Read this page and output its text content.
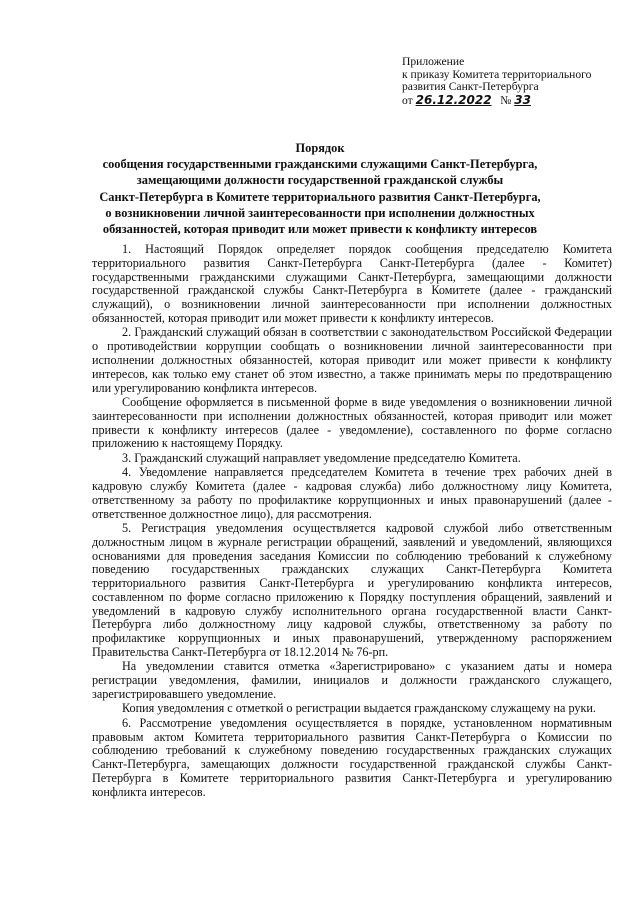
Приложение
к приказу Комитета территориального
развития Санкт-Петербурга
от 26.12.2022 № 33
Порядок
сообщения государственными гражданскими служащими Санкт-Петербурга,
замещающими должности государственной гражданской службы
Санкт-Петербурга в Комитете территориального развития Санкт-Петербурга,
о возникновении личной заинтересованности при исполнении должностных
обязанностей, которая приводит или может привести к конфликту интересов

1. Настоящий Порядок определяет порядок сообщения председателю Комитета территориального развития Санкт-Петербурга Санкт-Петербурга (далее - Комитет) государственными гражданскими служащими Санкт-Петербурга, замещающими должности государственной гражданской службы Санкт-Петербурга в Комитете (далее - гражданский служащий), о возникновении личной заинтересованности при исполнении должностных обязанностей, которая приводит или может привести к конфликту интересов.

2. Гражданский служащий обязан в соответствии с законодательством Российской Федерации о противодействии коррупции сообщать о возникновении личной заинтересованности при исполнении должностных обязанностей, которая приводит или может привести к конфликту интересов, как только ему станет об этом известно, а также принимать меры по предотвращению или урегулированию конфликта интересов.

Сообщение оформляется в письменной форме в виде уведомления о возникновении личной заинтересованности при исполнении должностных обязанностей, которая приводит или может привести к конфликту интересов (далее - уведомление), составленного по форме согласно приложению к настоящему Порядку.

3. Гражданский служащий направляет уведомление председателю Комитета.

4. Уведомление направляется председателем Комитета в течение трех рабочих дней в кадровую службу Комитета (далее - кадровая служба) либо должностному лицу Комитета, ответственному за работу по профилактике коррупционных и иных правонарушений (далее - ответственное должностное лицо), для рассмотрения.

5. Регистрация уведомления осуществляется кадровой службой либо ответственным должностным лицом в журнале регистрации обращений, заявлений и уведомлений, являющихся основаниями для проведения заседания Комиссии по соблюдению требований к служебному поведению государственных гражданских служащих Санкт-Петербурга Комитета территориального развития Санкт-Петербурга и урегулированию конфликта интересов, составленном по форме согласно приложению к Порядку поступления обращений, заявлений и уведомлений в кадровую службу исполнительного органа государственной власти Санкт-Петербурга либо должностному лицу кадровой службы, ответственному за работу по профилактике коррупционных и иных правонарушений, утвержденному распоряжением Правительства Санкт-Петербурга от 18.12.2014 № 76-рп.

На уведомлении ставится отметка «Зарегистрировано» с указанием даты и номера регистрации уведомления, фамилии, инициалов и должности гражданского служащего, зарегистрировавшего уведомление.

Копия уведомления с отметкой о регистрации выдается гражданскому служащему на руки.

6. Рассмотрение уведомления осуществляется в порядке, установленном нормативным правовым актом Комитета территориального развития Санкт-Петербурга о Комиссии по соблюдению требований к служебному поведению государственных гражданских служащих Санкт-Петербурга, замещающих должности государственной гражданской службы Санкт-Петербурга в Комитете территориального развития Санкт-Петербурга и урегулированию конфликта интересов.
